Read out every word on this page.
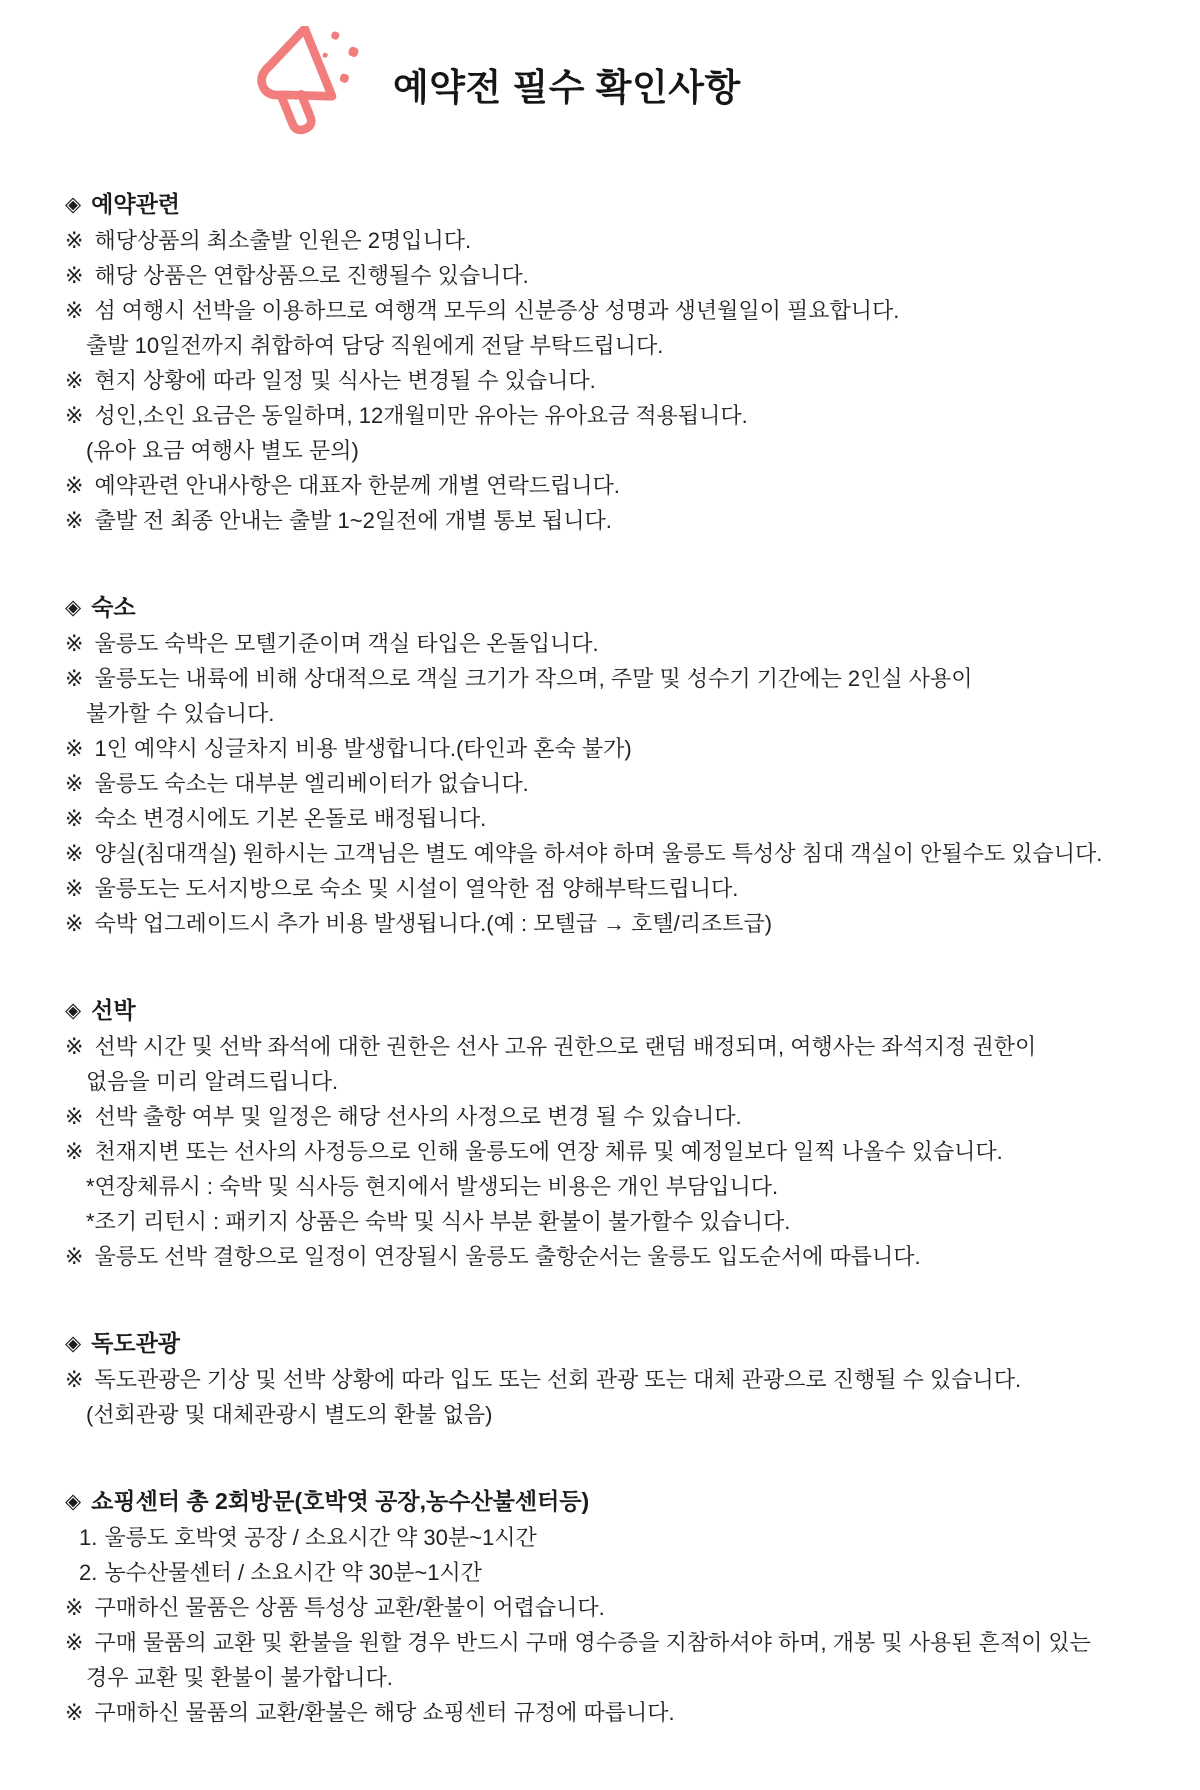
예약전 필수 확인사항
◈ 예약관련
※ 해당상품의 최소출발 인원은 2명입니다.
※ 해당 상품은 연합상품으로 진행될수 있습니다.
※ 섬 여행시 선박을 이용하므로 여행객 모두의 신분증상 성명과 생년월일이 필요합니다.
출발 10일전까지 취합하여 담당 직원에게 전달 부탁드립니다.
※ 현지 상황에 따라 일정 및 식사는 변경될 수 있습니다.
※ 성인,소인 요금은 동일하며, 12개월미만 유아는 유아요금 적용됩니다.
(유아 요금 여행사 별도 문의)
※ 예약관련 안내사항은 대표자 한분께 개별 연락드립니다.
※ 출발 전 최종 안내는 출발 1~2일전에 개별 통보 됩니다.
◈ 숙소
※ 울릉도 숙박은 모텔기준이며 객실 타입은 온돌입니다.
※ 울릉도는 내륙에 비해 상대적으로 객실 크기가 작으며, 주말 및 성수기 기간에는 2인실 사용이
불가할 수 있습니다.
※ 1인 예약시 싱글차지 비용 발생합니다.(타인과 혼숙 불가)
※ 울릉도 숙소는 대부분 엘리베이터가 없습니다.
※ 숙소 변경시에도 기본 온돌로 배정됩니다.
※ 양실(침대객실) 원하시는 고객님은 별도 예약을 하셔야 하며 울릉도 특성상 침대 객실이 안될수도 있습니다.
※ 울릉도는 도서지방으로 숙소 및 시설이 열악한 점 양해부탁드립니다.
※ 숙박 업그레이드시 추가 비용 발생됩니다.(예 : 모텔급 → 호텔/리조트급)
◈ 선박
※ 선박 시간 및 선박 좌석에 대한 권한은 선사 고유 권한으로 랜덤 배정되며, 여행사는 좌석지정 권한이
없음을 미리 알려드립니다.
※ 선박 출항 여부 및 일정은 해당 선사의 사정으로 변경 될 수 있습니다.
※ 천재지변 또는 선사의 사정등으로 인해 울릉도에 연장 체류 및 예정일보다 일찍 나올수 있습니다.
*연장체류시 : 숙박 및 식사등 현지에서 발생되는 비용은 개인 부담입니다.
*조기 리턴시 : 패키지 상품은 숙박 및 식사 부분 환불이 불가할수 있습니다.
※ 울릉도 선박 결항으로 일정이 연장될시 울릉도 출항순서는 울릉도 입도순서에 따릅니다.
◈ 독도관광
※ 독도관광은 기상 및 선박 상황에 따라 입도 또는 선회 관광 또는 대체 관광으로 진행될 수 있습니다.
(선회관광 및 대체관광시 별도의 환불 없음)
◈ 쇼핑센터 총 2회방문(호박엿 공장,농수산불센터등)
1. 울릉도 호박엿 공장 / 소요시간 약 30분~1시간
2. 농수산물센터 / 소요시간 약 30분~1시간
※ 구매하신 물품은 상품 특성상 교환/환불이 어렵습니다.
※ 구매 물품의 교환 및 환불을 원할 경우 반드시 구매 영수증을 지참하셔야 하며, 개봉 및 사용된 흔적이 있는
경우 교환 및 환불이 불가합니다.
※ 구매하신 물품의 교환/환불은 해당 쇼핑센터 규정에 따릅니다.
